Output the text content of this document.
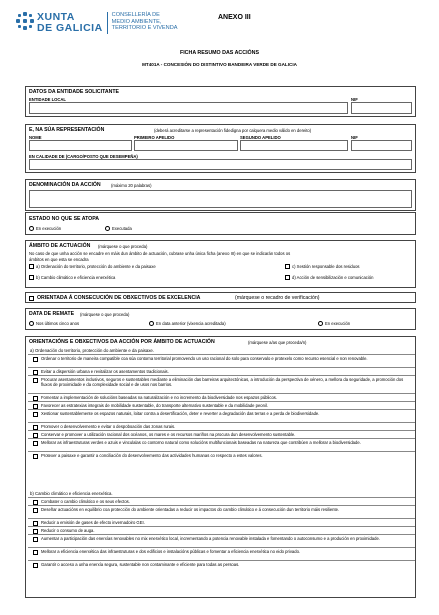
XUNTA
DE GALICIA
CONSELLERÍA DE
MEDIO AMBIENTE,
TERRITORIO E VIVENDA
ANEXO III
FICHA RESUMO DAS ACCIÓNS
MT401A - CONCESIÓN DO DISTINTIVO BANDEIRA VERDE DE GALICIA
DATOS DA ENTIDADE SOLICITANTE
ENTIDADE LOCAL	NIF
E, NA SÚA REPRESENTACIÓN	(deberá acreditarse a representación fidedigna por calquera medio válido en dereito)
NOME	PRIMEIRO APELIDO	SEGUNDO APELIDO	NIF
EN CALIDADE DE (CARGO/POSTO QUE DESEMPEÑA)
DENOMINACIÓN DA ACCIÓN (máximo 20 palabras)
ESTADO NO QUE SE ATOPA
En execución	Executada
ÁMBITO DE ACTUACIÓN (márquese o que proceda)
No caso de que unha acción se encadre en máis dun ámbito de actuación, cubrase unha única ficha (anexo III) en que se indicarán todos os
ámbitos en que esta se encadra
a) Ordenación do territorio, protección do ambiente e da paisaxe	c) Xestión responsable dos residuos
b) Cambio climático e eficiencia enerxética	d) Acción de sensibilización e comunicación
ORIENTADA Á CONSECUCIÓN DE OBXECTIVOS DE EXCELENCIA	(márquese o recadro de verificación)
DATA DE REMATE (márquese o que proceda)
Nos últimos cinco anos	En data anterior (vixencia acreditada)	En execución
ORIENTACIÓNS E OBXECTIVOS DA ACCIÓN POR ÁMBITO DE ACTUACIÓN	(márquese a/as que proceda/n)
a) Ordenación do territorio, protección do ambiente e da paisaxe.
Ordenar o territorio de maneira compatible coa súa contorna territorial promovendo un uso racional do solo para conservalo e protexelo como recurso esencial e non renovable.
Evitar a dispersión urbana e revitalizar os asentamentos tradicionais.
Procurar asentamentos inclusivos, seguros e sustentables mediante a eliminación das barreiras arquitectónicas, a introdución da perspectiva de xénero, a mellora da seguridade, a promoción dos fluxos de proximidade e da complexidade social e de usos nos barrios.
Fomentar a implementación de solucións baseadas na naturalización e no incremento da biodiversidade nos espazos públicos.
Favorecer as estratexias integrais de mobilidade sustentable, do transporte alternativo sustentable e da mobilidade peonil.
Xestionar sustentablemente os espazos naturais, loitar contra a desertificación, deter e reverter a degradación das terras e a perda de biodiversidade.
Promover o desenvolvemento e evitar o despoboación das zonas rurais.
Conservar e promover a utilización racional dos océanos, os mares e os recursos mariños na procura dun desenvolvemento sustentable.
Mellorar as infraestruturas verdes e azuis e vinculalas co contorno natural como solucións multifuncionais baseadas na natureza que contribúen a mellorar a biodiversidade.
Protexer a paisaxe e garantir a conciliación do desenvolvemento das actividades humanas co respecto a estes valores.
b) Cambio climático e eficiencia enerxética.
Combater o cambio climático e os seus efectos.
Deseñar actuacións en equilibrio coa protección do ambiente orientadas a reducir os impactos do cambio climático e á consecución dun territorio máis resiliente.
Reducir a emisión de gases de efecto invernadoiro GEI.
Reducir o consumo de auga.
Aumentar a participación das enerxías renovables no mix enerxético local, incrementando a potencia renovable instalada e fomentando o autoconsumo e a produción en proximidade.
Mellorar a eficiencia enerxética das infraestruturas e dos edificios e instalacións públicas e fomentar a eficiencia enerxética no eido privado.
Garantir o acceso a unha enerxía segura, sustentable non contaminante e eficiente para todas as persoas.
